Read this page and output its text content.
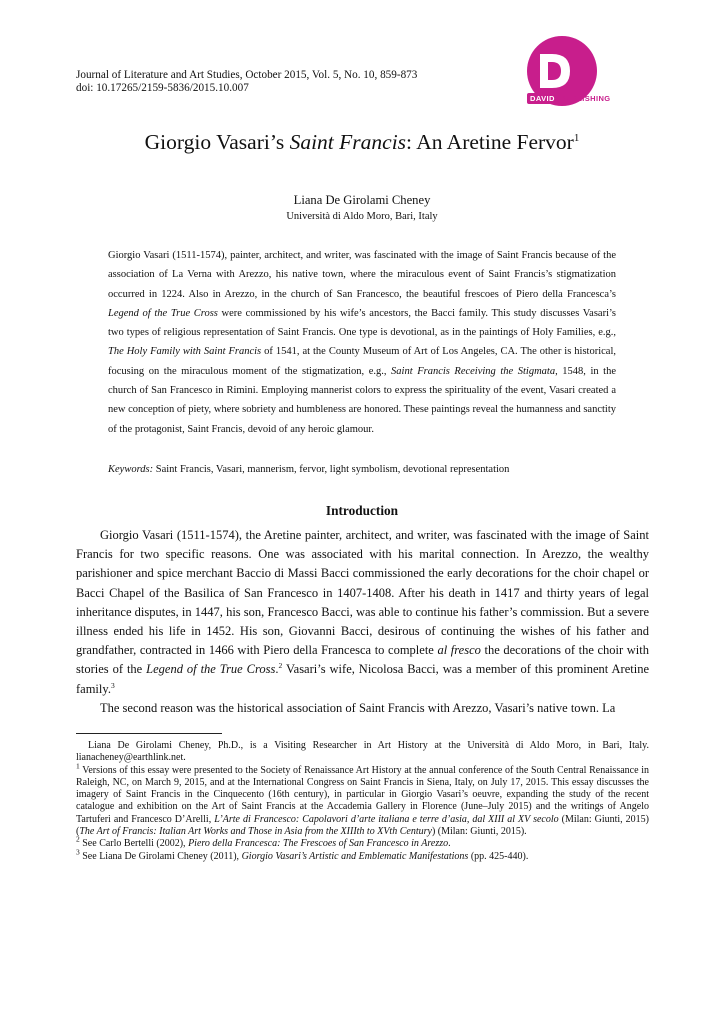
Journal of Literature and Art Studies, October 2015, Vol. 5, No. 10, 859-873
doi: 10.17265/2159-5836/2015.10.007
DAVID PUBLISHING
Giorgio Vasari’s Saint Francis: An Aretine Fervor$^1$
Liana De Girolami Cheney
Università di Aldo Moro, Bari, Italy
Giorgio Vasari (1511-1574), painter, architect, and writer, was fascinated with the image of Saint Francis because of the association of La Verna with Arezzo, his native town, where the miraculous event of Saint Francis’s stigmatization occurred in 1224. Also in Arezzo, in the church of San Francesco, the beautiful frescoes of Piero della Francesca’s Legend of the True Cross were commissioned by his wife’s ancestors, the Bacci family. This study discusses Vasari’s two types of religious representation of Saint Francis. One type is devotional, as in the paintings of Holy Families, e.g., The Holy Family with Saint Francis of 1541, at the County Museum of Art of Los Angeles, CA. The other is historical, focusing on the miraculous moment of the stigmatization, e.g., Saint Francis Receiving the Stigmata, 1548, in the church of San Francesco in Rimini. Employing mannerist colors to express the spirituality of the event, Vasari created a new conception of piety, where sobriety and humbleness are honored. These paintings reveal the humanness and sanctity of the protagonist, Saint Francis, devoid of any heroic glamour.
Keywords: Saint Francis, Vasari, mannerism, fervor, light symbolism, devotional representation
Introduction

Giorgio Vasari (1511-1574), the Aretine painter, architect, and writer, was fascinated with the image of Saint Francis for two specific reasons. One was associated with his marital connection. In Arezzo, the wealthy parishioner and spice merchant Baccio di Massi Bacci commissioned the early decorations for the choir chapel or Bacci Chapel of the Basilica of San Francesco in 1407-1408. After his death in 1417 and thirty years of legal inheritance disputes, in 1447, his son, Francesco Bacci, was able to continue his father’s commission. But a severe illness ended his life in 1452. His son, Giovanni Bacci, desirous of continuing the wishes of his father and grandfather, contracted in 1466 with Piero della Francesca to complete al fresco the decorations of the choir with stories of the Legend of the True Cross.$^2$ Vasari’s wife, Nicolosa Bacci, was a member of this prominent Aretine family.$^3$

The second reason was the historical association of Saint Francis with Arezzo, Vasari’s native town. La

Liana De Girolami Cheney, Ph.D., is a Visiting Researcher in Art History at the Università di Aldo Moro, in Bari, Italy. lianacheney@earthlink.net.

$^1$ Versions of this essay were presented to the Society of Renaissance Art History at the annual conference of the South Central Renaissance in Raleigh, NC, on March 9, 2015, and at the International Congress on Saint Francis in Siena, Italy, on July 17, 2015. This essay discusses the imagery of Saint Francis in the Cinquecento (16th century), in particular in Giorgio Vasari’s oeuvre, expanding the study of the recent catalogue and exhibition on the Art of Saint Francis at the Accademia Gallery in Florence (June–July 2015) and the writings of Angelo Tartuferi and Francesco D’Arelli, L’Arte di Francesco: Capolavori d’arte italiana e terre d’asia, dal XIII al XV secolo (Milan: Giunti, 2015) (The Art of Francis: Italian Art Works and Those in Asia from the XIIIth to XVth Century) (Milan: Giunti, 2015).

$^2$ See Carlo Bertelli (2002), Piero della Francesca: The Frescoes of San Francesco in Arezzo.

$^3$ See Liana De Girolami Cheney (2011), Giorgio Vasari’s Artistic and Emblematic Manifestations (pp. 425-440).
